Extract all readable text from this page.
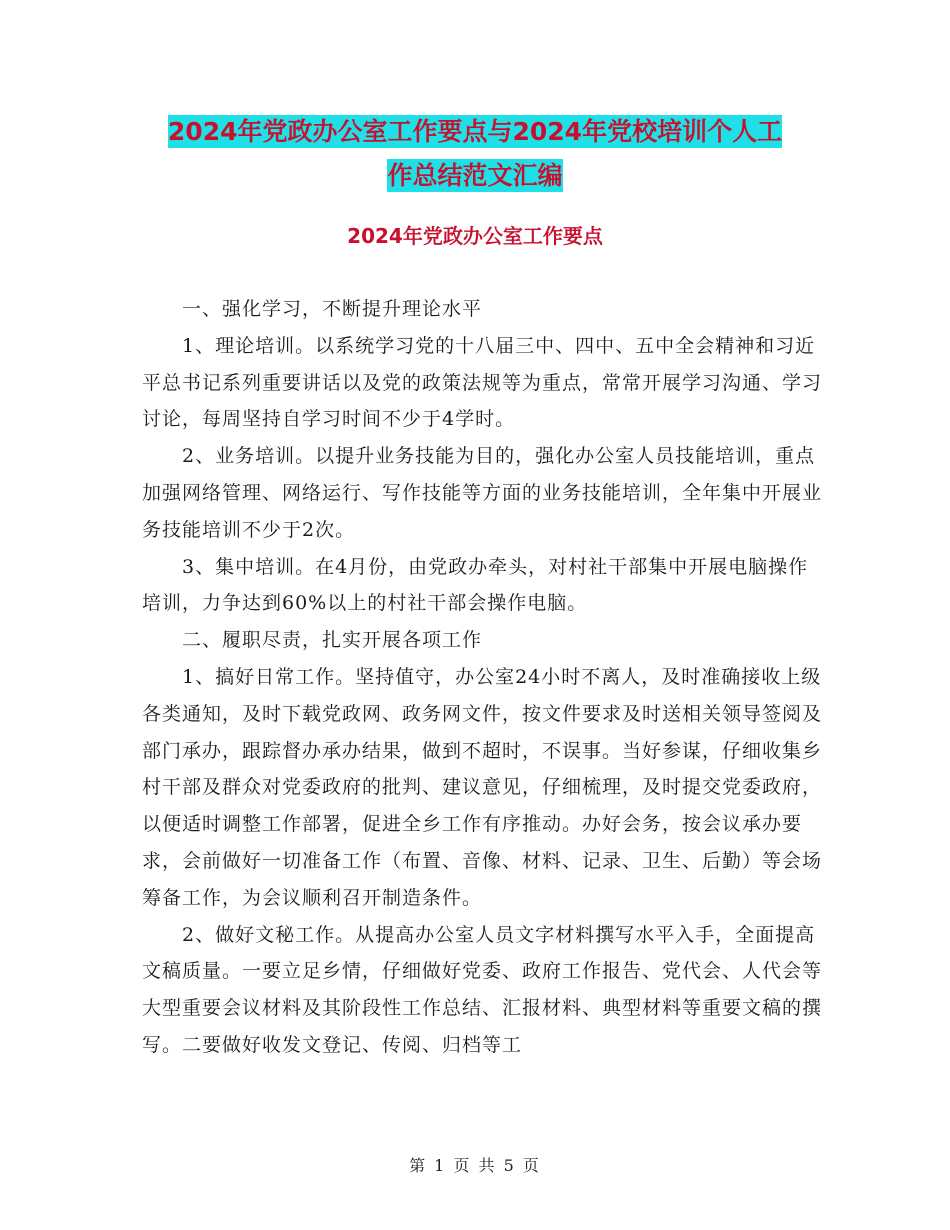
2024年党政办公室工作要点与2024年党校培训个人工
作总结范文汇编
2024年党政办公室工作要点

一、强化学习，不断提升理论水平

1、理论培训。以系统学习党的十八届三中、四中、五中全会精神和习近平总书记系列重要讲话以及党的政策法规等为重点，常常开展学习沟通、学习讨论，每周坚持自学习时间不少于4学时。

2、业务培训。以提升业务技能为目的，强化办公室人员技能培训，重点加强网络管理、网络运行、写作技能等方面的业务技能培训，全年集中开展业务技能培训不少于2次。

3、集中培训。在4月份，由党政办牵头，对村社干部集中开展电脑操作培训，力争达到60%以上的村社干部会操作电脑。

二、履职尽责，扎实开展各项工作

1、搞好日常工作。坚持值守，办公室24小时不离人，及时准确接收上级各类通知，及时下载党政网、政务网文件，按文件要求及时送相关领导签阅及部门承办，跟踪督办承办结果，做到不超时，不误事。当好参谋，仔细收集乡村干部及群众对党委政府的批判、建议意见，仔细梳理，及时提交党委政府，以便适时调整工作部署，促进全乡工作有序推动。办好会务，按会议承办要求，会前做好一切准备工作（布置、音像、材料、记录、卫生、后勤）等会场筹备工作，为会议顺利召开制造条件。

2、做好文秘工作。从提高办公室人员文字材料撰写水平入手，全面提高文稿质量。一要立足乡情，仔细做好党委、政府工作报告、党代会、人代会等大型重要会议材料及其阶段性工作总结、汇报材料、典型材料等重要文稿的撰写。二要做好收发文登记、传阅、归档等工

第 1 页 共 5 页
